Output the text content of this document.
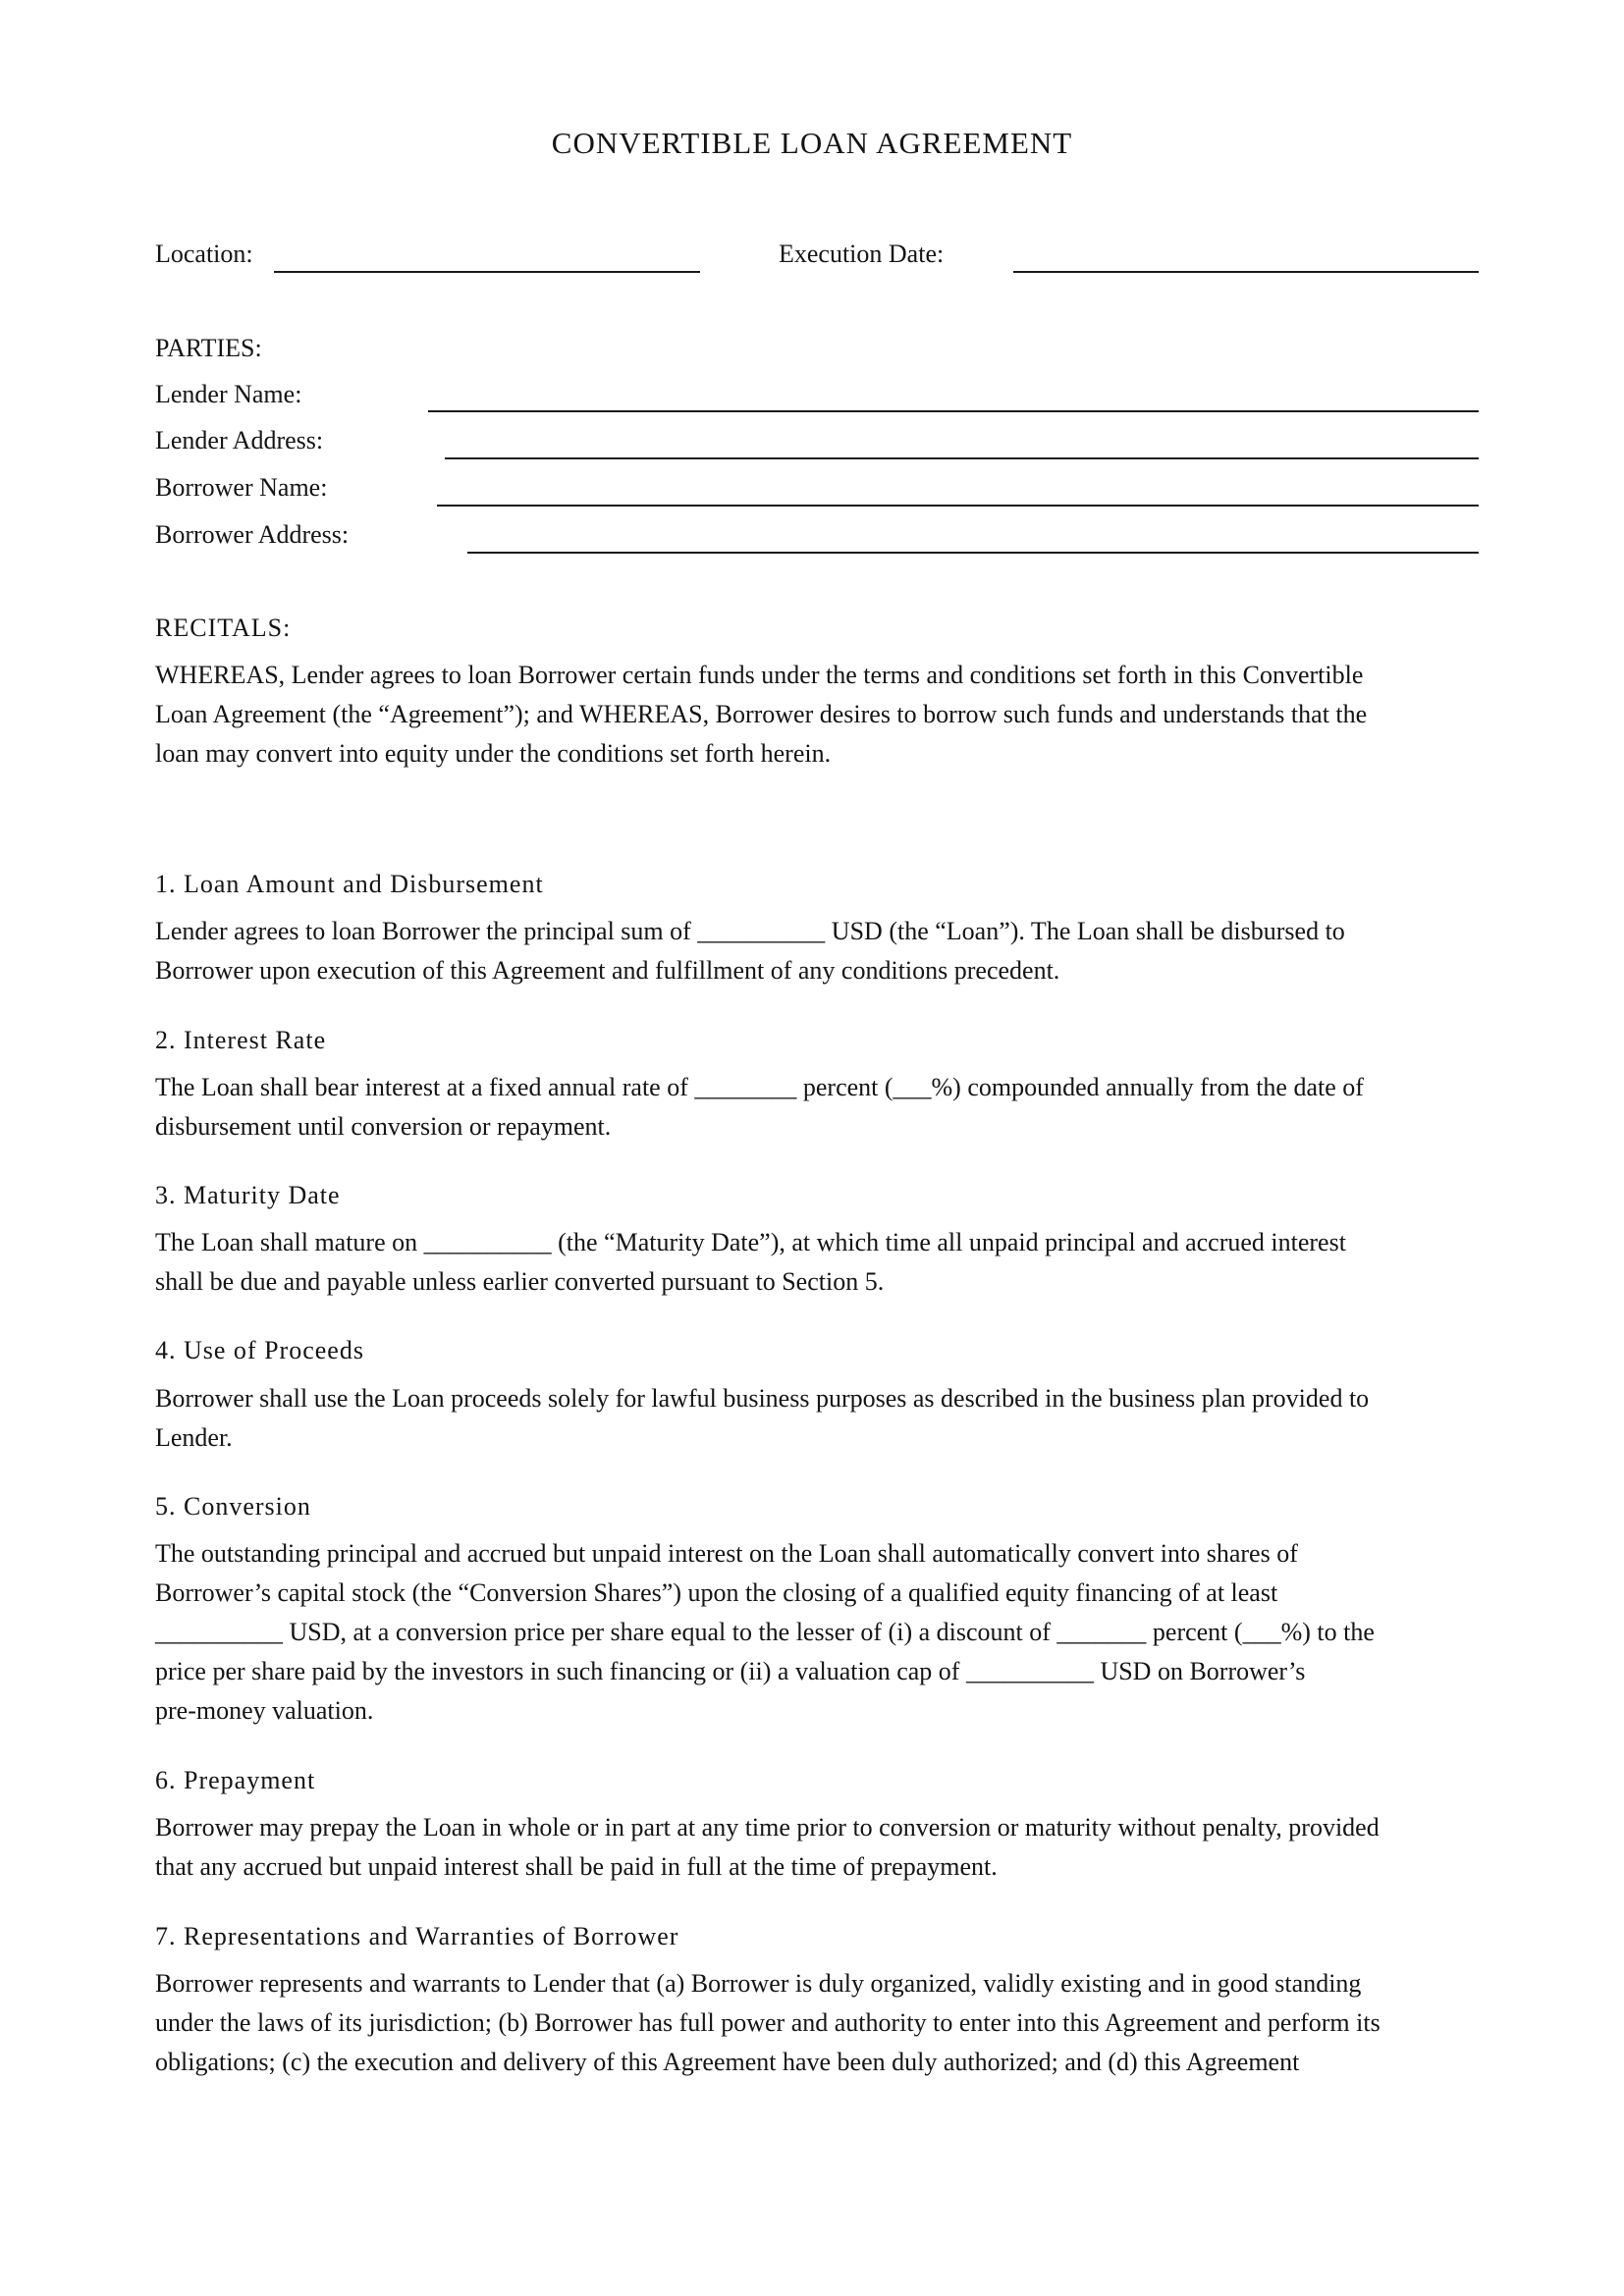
CONVERTIBLE LOAN AGREEMENT
Location:	Execution Date:
PARTIES:
Lender Name:
Lender Address:
Borrower Name:
Borrower Address:
RECITALS:
WHEREAS, Lender agrees to loan Borrower certain funds under the terms and conditions set forth in this Convertible
Loan Agreement (the “Agreement”); and WHEREAS, Borrower desires to borrow such funds and understands that the
loan may convert into equity under the conditions set forth herein.
1. Loan Amount and Disbursement
Lender agrees to loan Borrower the principal sum of __________ USD (the “Loan”). The Loan shall be disbursed to
Borrower upon execution of this Agreement and fulfillment of any conditions precedent.
2. Interest Rate
The Loan shall bear interest at a fixed annual rate of ________ percent (___%) compounded annually from the date of
disbursement until conversion or repayment.
3. Maturity Date
The Loan shall mature on __________ (the “Maturity Date”), at which time all unpaid principal and accrued interest
shall be due and payable unless earlier converted pursuant to Section 5.
4. Use of Proceeds
Borrower shall use the Loan proceeds solely for lawful business purposes as described in the business plan provided to
Lender.
5. Conversion
The outstanding principal and accrued but unpaid interest on the Loan shall automatically convert into shares of
Borrower’s capital stock (the “Conversion Shares”) upon the closing of a qualified equity financing of at least
__________ USD, at a conversion price per share equal to the lesser of (i) a discount of _______ percent (___%) to the
price per share paid by the investors in such financing or (ii) a valuation cap of __________ USD on Borrower’s
pre-money valuation.
6. Prepayment
Borrower may prepay the Loan in whole or in part at any time prior to conversion or maturity without penalty, provided
that any accrued but unpaid interest shall be paid in full at the time of prepayment.
7. Representations and Warranties of Borrower
Borrower represents and warrants to Lender that (a) Borrower is duly organized, validly existing and in good standing
under the laws of its jurisdiction; (b) Borrower has full power and authority to enter into this Agreement and perform its
obligations; (c) the execution and delivery of this Agreement have been duly authorized; and (d) this Agreement
